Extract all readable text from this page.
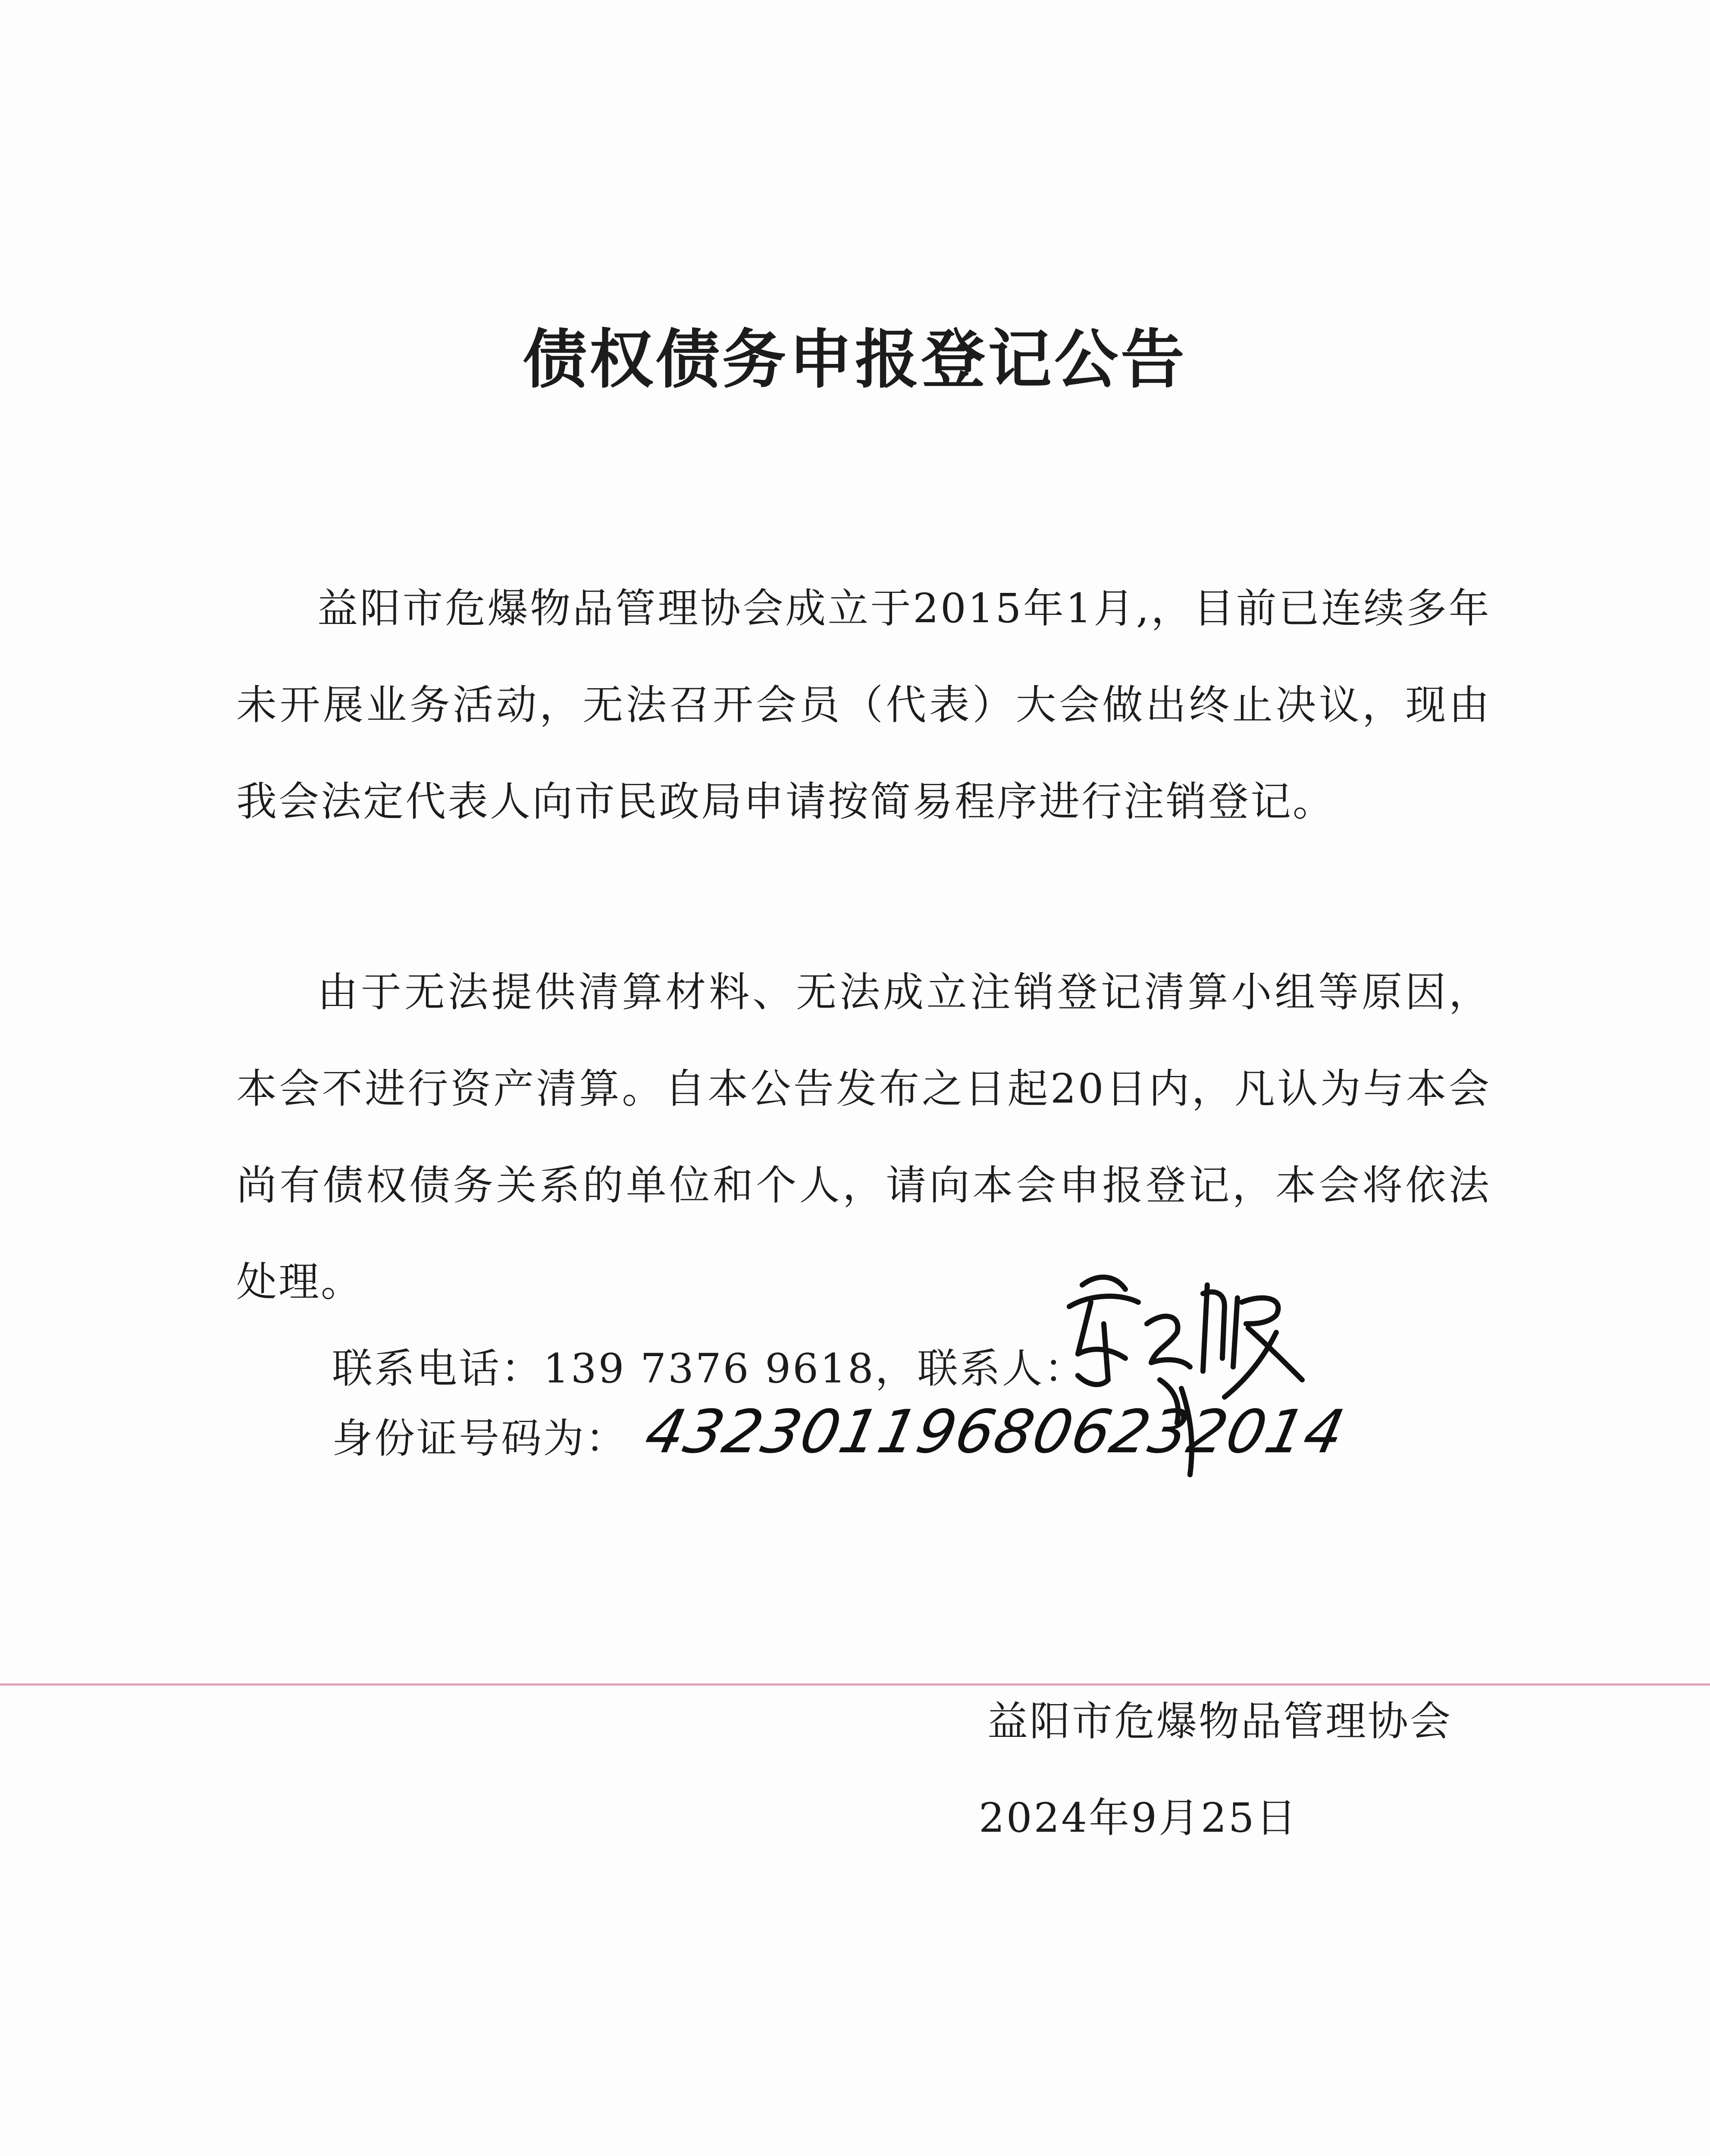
债权债务申报登记公告

益阳市危爆物品管理协会成立于2015年1月,，目前已连续多年未开展业务活动，无法召开会员（代表）大会做出终止决议，现由我会法定代表人向市民政局申请按简易程序进行注销登记。

由于无法提供清算材料、无法成立注销登记清算小组等原因，本会不进行资产清算。自本公告发布之日起20日内，凡认为与本会尚有债权债务关系的单位和个人，请向本会申报登记，本会将依法处理。

联系电话：139 7376 9618，联系人：
身份证号码为： 432301196806232014
益阳市危爆物品管理协会
2024年9月25日
